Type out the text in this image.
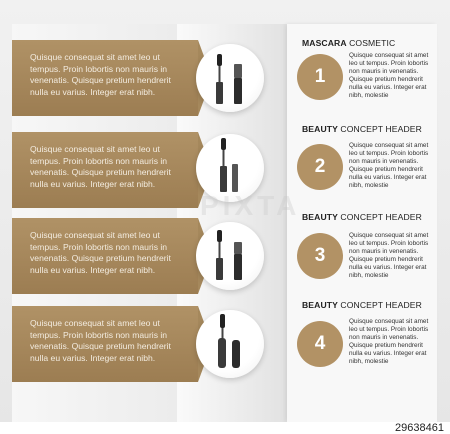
Quisque consequat sit amet leo ut tempus. Proin lobortis non mauris in venenatis. Quisque pretium hendrerit nulla eu varius. Integer erat nibh.
MASCARA COSMETIC
1
Quisque consequat sit amet leo ut tempus. Proin lobortis non mauris in venenatis. Quisque pretium hendrerit nulla eu varius. Integer erat nibh, molestie
Quisque consequat sit amet leo ut tempus. Proin lobortis non mauris in venenatis. Quisque pretium hendrerit nulla eu varius. Integer erat nibh.
BEAUTY CONCEPT HEADER
2
Quisque consequat sit amet leo ut tempus. Proin lobortis non mauris in venenatis. Quisque pretium hendrerit nulla eu varius. Integer erat nibh, molestie
Quisque consequat sit amet leo ut tempus. Proin lobortis non mauris in venenatis. Quisque pretium hendrerit nulla eu varius. Integer erat nibh.
BEAUTY CONCEPT HEADER
3
Quisque consequat sit amet leo ut tempus. Proin lobortis non mauris in venenatis. Quisque pretium hendrerit nulla eu varius. Integer erat nibh, molestie
Quisque consequat sit amet leo ut tempus. Proin lobortis non mauris in venenatis. Quisque pretium hendrerit nulla eu varius. Integer erat nibh.
BEAUTY CONCEPT HEADER
4
Quisque consequat sit amet leo ut tempus. Proin lobortis non mauris in venenatis. Quisque pretium hendrerit nulla eu varius. Integer erat nibh, molestie
PIXTA
29638461
